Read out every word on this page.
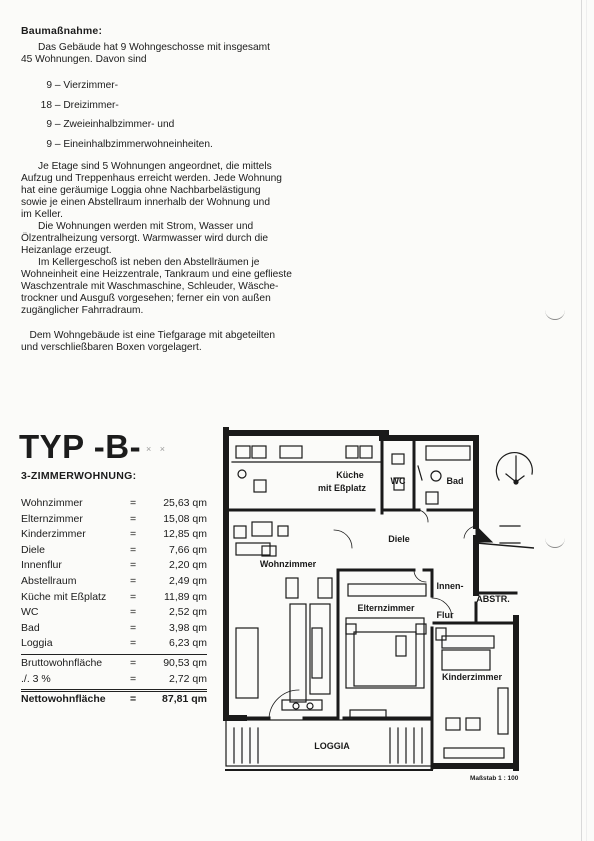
Baumaßnahme:
Das Gebäude hat 9 Wohngeschosse mit insgesamt
45 Wohnungen. Davon sind
9 – Vierzimmer-
18 – Dreizimmer-
9 – Zweieinhalbzimmer- und
9 – Eineinhalbzimmerwohneinheiten.
Je Etage sind 5 Wohnungen angeordnet, die mittels
Aufzug und Treppenhaus erreicht werden. Jede Wohnung
hat eine geräumige Loggia ohne Nachbarbelästigung
sowie je einen Abstellraum innerhalb der Wohnung und
im Keller.
Die Wohnungen werden mit Strom, Wasser und
Ölzentralheizung versorgt. Warmwasser wird durch die
Heizanlage erzeugt.
Im Kellergeschoß ist neben den Abstellräumen je
Wohneinheit eine Heizzentrale, Tankraum und eine geflieste
Waschzentrale mit Waschmaschine, Schleuder, Wäsche-
trockner und Ausguß vorgesehen; ferner ein von außen
zugänglicher Fahrradraum.
Dem Wohngebäude ist eine Tiefgarage mit abgeteilten
und verschließbaren Boxen vorgelagert.
TYP -B- × ×
3-ZIMMERWOHNUNG:
Wohnzimmer	=	25,63 qm
Elternzimmer	=	15,08 qm
Kinderzimmer	=	12,85 qm
Diele	=	7,66 qm
Innenflur	=	2,20 qm
Abstellraum	=	2,49 qm
Küche mit Eßplatz =	11,89 qm
WC	=	2,52 qm
Bad	=	3,98 qm
Loggia	=	6,23 qm
Bruttowohnfläche	=	90,53 qm
./. 3 %	=	2,72 qm
Nettowohnfläche = 87,81 qm
Küche
mit Eßplatz
WC	Bad
Diele
Wohnzimmer
Innen-
Flur
ABSTR.
Elternzimmer
Kinderzimmer
LOGGIA
Maßstab 1 : 100
